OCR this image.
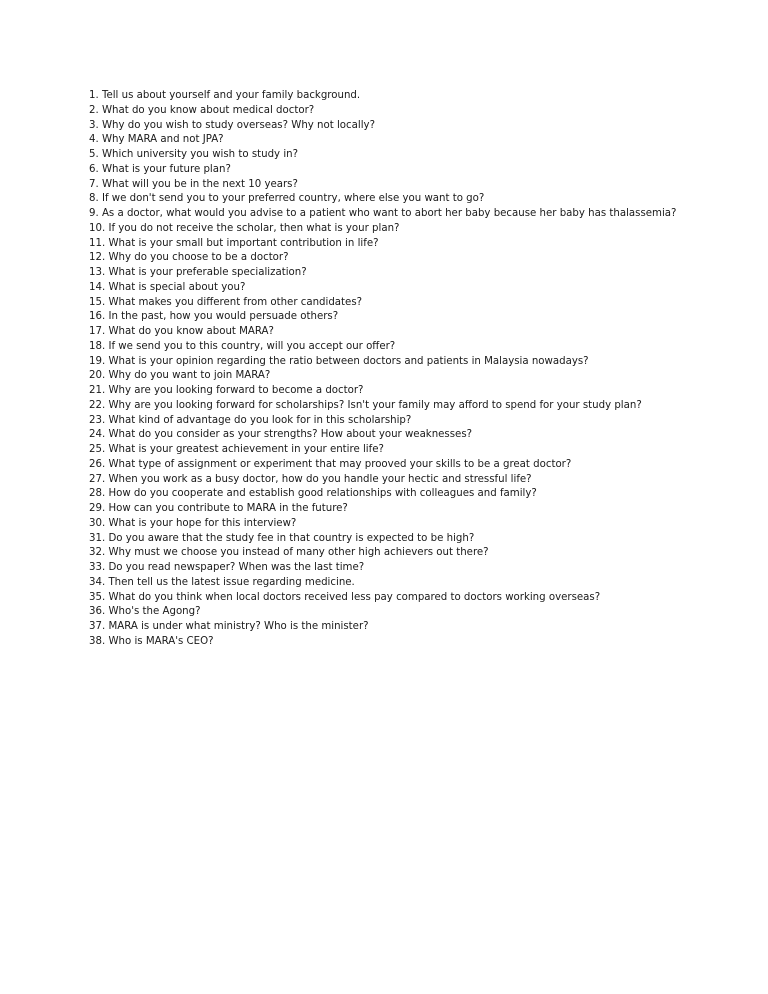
1. Tell us about yourself and your family background.
2. What do you know about medical doctor?
3. Why do you wish to study overseas? Why not locally?
4. Why MARA and not JPA?
5. Which university you wish to study in?
6. What is your future plan?
7. What will you be in the next 10 years?
8. If we don't send you to your preferred country, where else you want to go?
9. As a doctor, what would you advise to a patient who want to abort her baby because her baby has thalassemia?
10. If you do not receive the scholar, then what is your plan?
11. What is your small but important contribution in life?
12. Why do you choose to be a doctor?
13. What is your preferable specialization?
14. What is special about you?
15. What makes you different from other candidates?
16. In the past, how you would persuade others?
17. What do you know about MARA?
18. If we send you to this country, will you accept our offer?
19. What is your opinion regarding the ratio between doctors and patients in Malaysia nowadays?
20. Why do you want to join MARA?
21. Why are you looking forward to become a doctor?
22. Why are you looking forward for scholarships? Isn't your family may afford to spend for your study plan?
23. What kind of advantage do you look for in this scholarship?
24. What do you consider as your strengths? How about your weaknesses?
25. What is your greatest achievement in your entire life?
26. What type of assignment or experiment that may prooved your skills to be a great doctor?
27. When you work as a busy doctor, how do you handle your hectic and stressful life?
28. How do you cooperate and establish good relationships with colleagues and family?
29. How can you contribute to MARA in the future?
30. What is your hope for this interview?
31. Do you aware that the study fee in that country is expected to be high?
32. Why must we choose you instead of many other high achievers out there?
33. Do you read newspaper? When was the last time?
34. Then tell us the latest issue regarding medicine.
35. What do you think when local doctors received less pay compared to doctors working overseas?
36. Who's the Agong?
37. MARA is under what ministry? Who is the minister?
38. Who is MARA's CEO?
